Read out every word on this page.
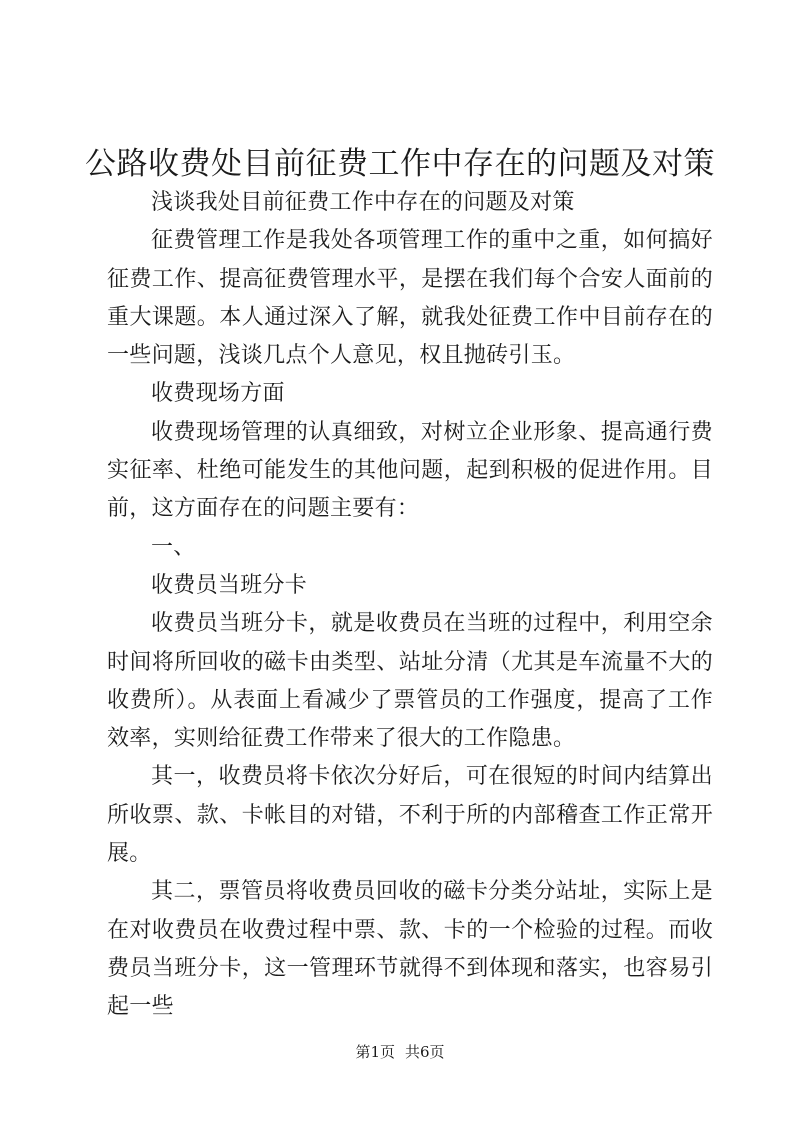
公路收费处目前征费工作中存在的问题及对策

浅谈我处目前征费工作中存在的问题及对策

征费管理工作是我处各项管理工作的重中之重，如何搞好征费工作、提高征费管理水平，是摆在我们每个合安人面前的重大课题。本人通过深入了解，就我处征费工作中目前存在的一些问题，浅谈几点个人意见，权且抛砖引玉。

收费现场方面

收费现场管理的认真细致，对树立企业形象、提高通行费实征率、杜绝可能发生的其他问题，起到积极的促进作用。目前，这方面存在的问题主要有：

一、

收费员当班分卡

收费员当班分卡，就是收费员在当班的过程中，利用空余时间将所回收的磁卡由类型、站址分清（尤其是车流量不大的收费所）。从表面上看减少了票管员的工作强度，提高了工作效率，实则给征费工作带来了很大的工作隐患。

其一，收费员将卡依次分好后，可在很短的时间内结算出所收票、款、卡帐目的对错，不利于所的内部稽查工作正常开展。

其二，票管员将收费员回收的磁卡分类分站址，实际上是在对收费员在收费过程中票、款、卡的一个检验的过程。而收费员当班分卡，这一管理环节就得不到体现和落实，也容易引起一些

第1页 共6页
